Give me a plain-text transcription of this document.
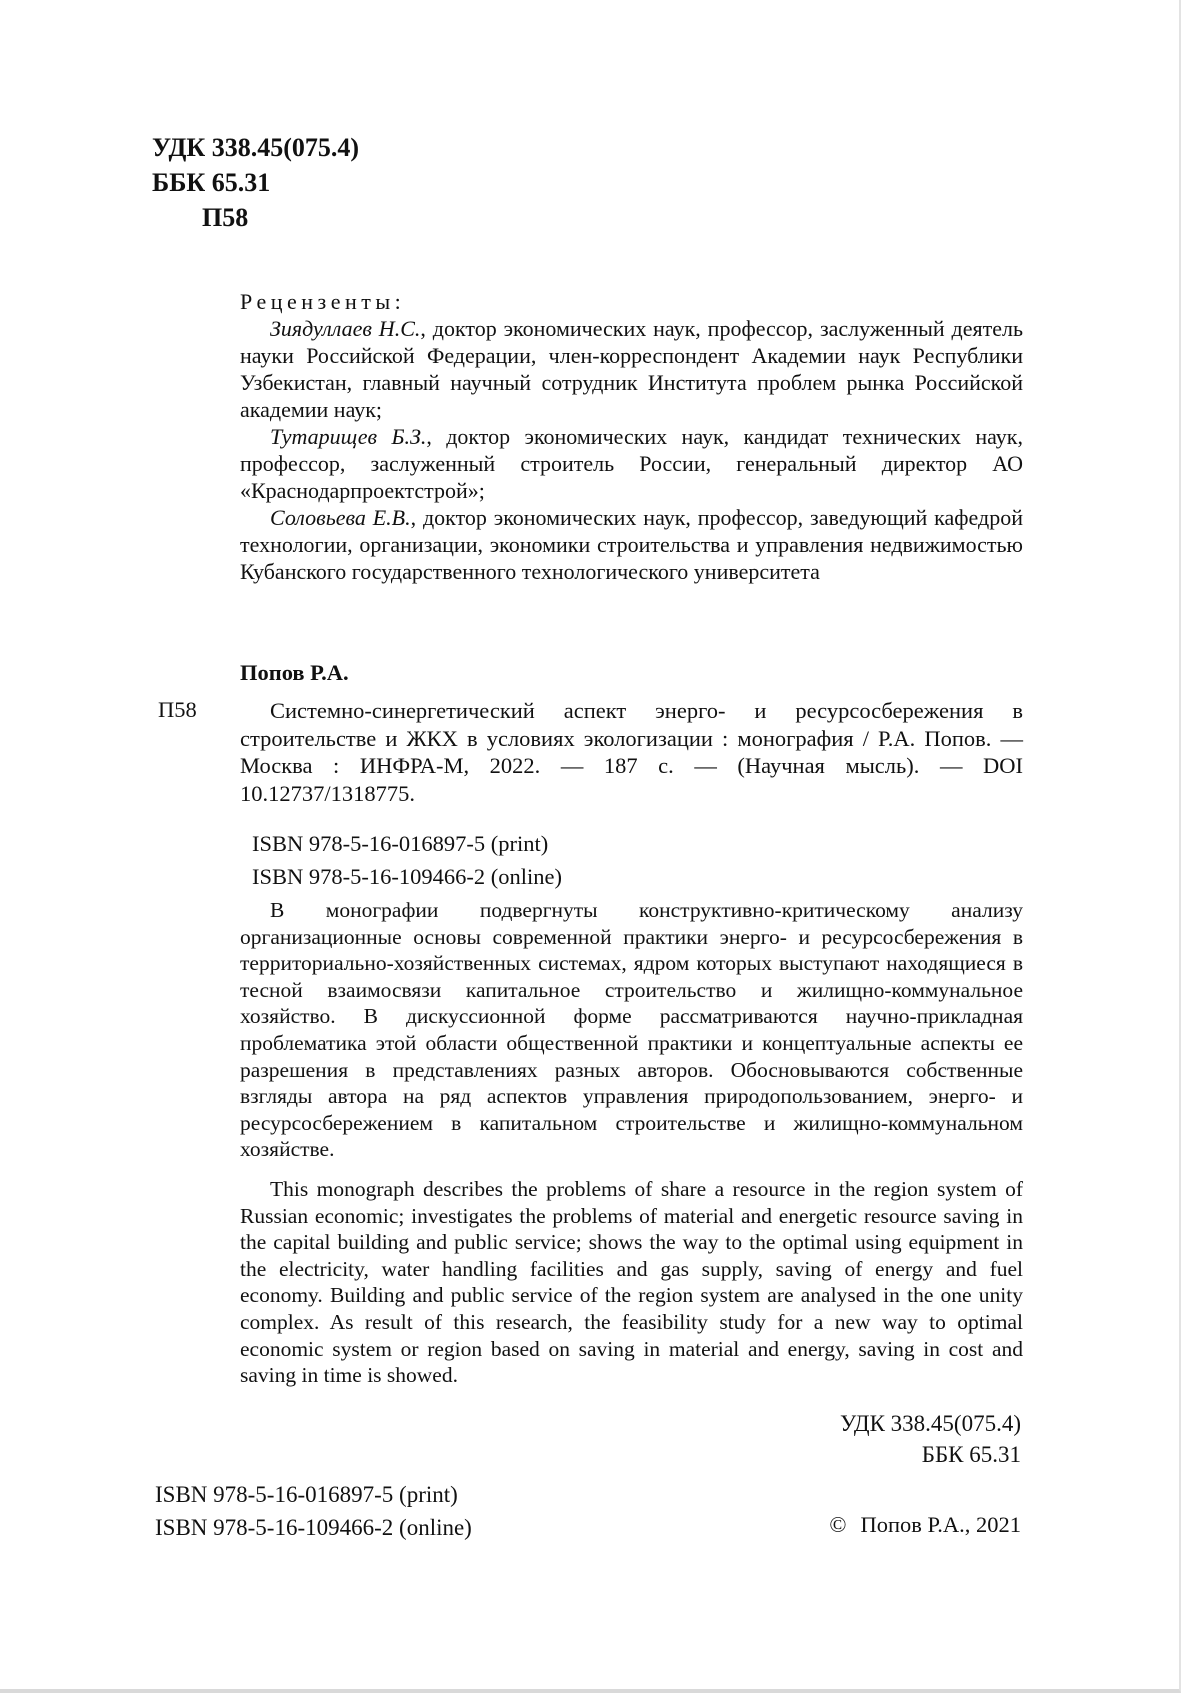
УДК 338.45(075.4)
ББК 65.31
П58

Рецензенты:

Зиядуллаев Н.С., доктор экономических наук, профессор, заслуженный деятель науки Российской Федерации, член-корреспондент Академии наук Республики Узбекистан, главный научный сотрудник Института проблем рынка Российской академии наук;

Тутарищев Б.З., доктор экономических наук, кандидат технических наук, профессор, заслуженный строитель России, генеральный директор АО «Краснодарпроектстрой»;

Соловьева Е.В., доктор экономических наук, профессор, заведующий кафедрой технологии, организации, экономики строительства и управления недвижимостью Кубанского государственного технологического университета

Попов Р.А.

П58	Системно-синергетический аспект энерго- и ресурсосбережения в строительстве и ЖКХ в условиях экологизации : монография / Р.А. Попов. — Москва : ИНФРА-М, 2022. — 187 с. — (Научная мысль). — DOI 10.12737/1318775.

ISBN 978-5-16-016897-5 (print)
ISBN 978-5-16-109466-2 (online)

В монографии подвергнуты конструктивно-критическому анализу организационные основы современной практики энерго- и ресурсосбережения в территориально-хозяйственных системах, ядром которых выступают находящиеся в тесной взаимосвязи капитальное строительство и жилищно-коммунальное хозяйство. В дискуссионной форме рассматриваются научно-прикладная проблематика этой области общественной практики и концептуальные аспекты ее разрешения в представлениях разных авторов. Обосновываются собственные взгляды автора на ряд аспектов управления природопользованием, энерго- и ресурсосбережением в капитальном строительстве и жилищно-коммунальном хозяйстве.

This monograph describes the problems of share a resource in the region system of Russian economic; investigates the problems of material and energetic resource saving in the capital building and public service; shows the way to the optimal using equipment in the electricity, water handling facilities and gas supply, saving of energy and fuel economy. Building and public service of the region system are analysed in the one unity complex. As result of this research, the feasibility study for a new way to optimal economic system or region based on saving in material and energy, saving in cost and saving in time is showed.

УДК 338.45(075.4)
ББК 65.31
ISBN 978-5-16-016897-5 (print)
ISBN 978-5-16-109466-2 (online)	© Попов Р.А., 2021
